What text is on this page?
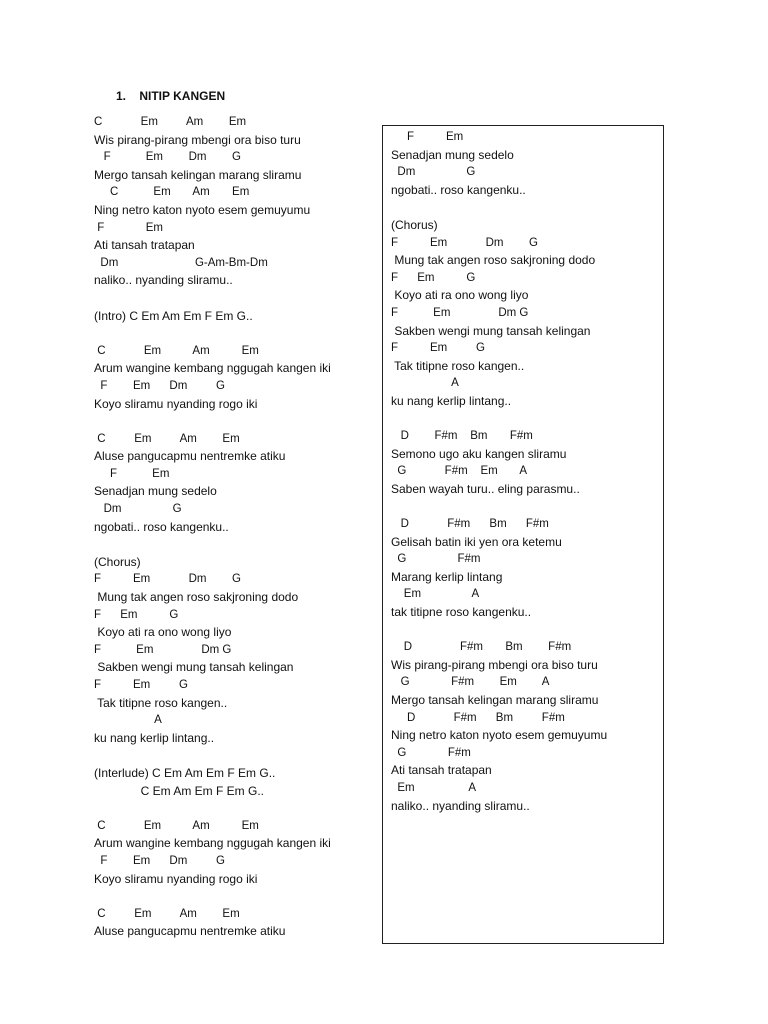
1.    NITIP KANGEN
C            Em         Am        Em
Wis pirang-pirang mbengi ora biso turu
F           Em        Dm        G
Mergo tansah kelingan marang sliramu
C           Em       Am       Em
Ning netro katon nyoto esem gemuyumu
F             Em
Ati tansah tratapan
Dm                        G-Am-Bm-Dm
naliko.. nyanding sliramu..
(Intro) C Em Am Em F Em G..
C            Em          Am          Em
Arum wangine kembang nggugah kangen iki
F        Em      Dm         G
Koyo sliramu nyanding rogo iki
C         Em         Am        Em
Aluse pangucapmu nentremke atiku
F           Em
Senadjan mung sedelo
Dm                G
ngobati.. roso kangenku..
(Chorus)
F          Em            Dm        G
Mung tak angen roso sakjroning dodo
F      Em          G
Koyo ati ra ono wong liyo
F           Em               Dm G
Sakben wengi mung tansah kelingan
F          Em         G
Tak titipne roso kangen..
A
ku nang kerlip lintang..
(Interlude) C Em Am Em F Em G..
C Em Am Em F Em G..
C            Em          Am          Em
Arum wangine kembang nggugah kangen iki
F        Em      Dm         G
Koyo sliramu nyanding rogo iki
C         Em         Am        Em
Aluse pangucapmu nentremke atiku
F          Em
Senadjan mung sedelo
Dm                G
ngobati.. roso kangenku..
(Chorus)
F          Em            Dm        G
Mung tak angen roso sakjroning dodo
F      Em          G
Koyo ati ra ono wong liyo
F           Em               Dm G
Sakben wengi mung tansah kelingan
F          Em         G
Tak titipne roso kangen..
A
ku nang kerlip lintang..
D        F#m    Bm       F#m
Semono ugo aku kangen sliramu
G            F#m    Em       A
Saben wayah turu.. eling parasmu..
D            F#m      Bm      F#m
Gelisah batin iki yen ora ketemu
G                F#m
Marang kerlip lintang
Em                A
tak titipne roso kangenku..
D               F#m       Bm        F#m
Wis pirang-pirang mbengi ora biso turu
G             F#m        Em        A
Mergo tansah kelingan marang sliramu
D            F#m      Bm         F#m
Ning netro katon nyoto esem gemuyumu
G             F#m
Ati tansah tratapan
Em                 A
naliko.. nyanding sliramu..
